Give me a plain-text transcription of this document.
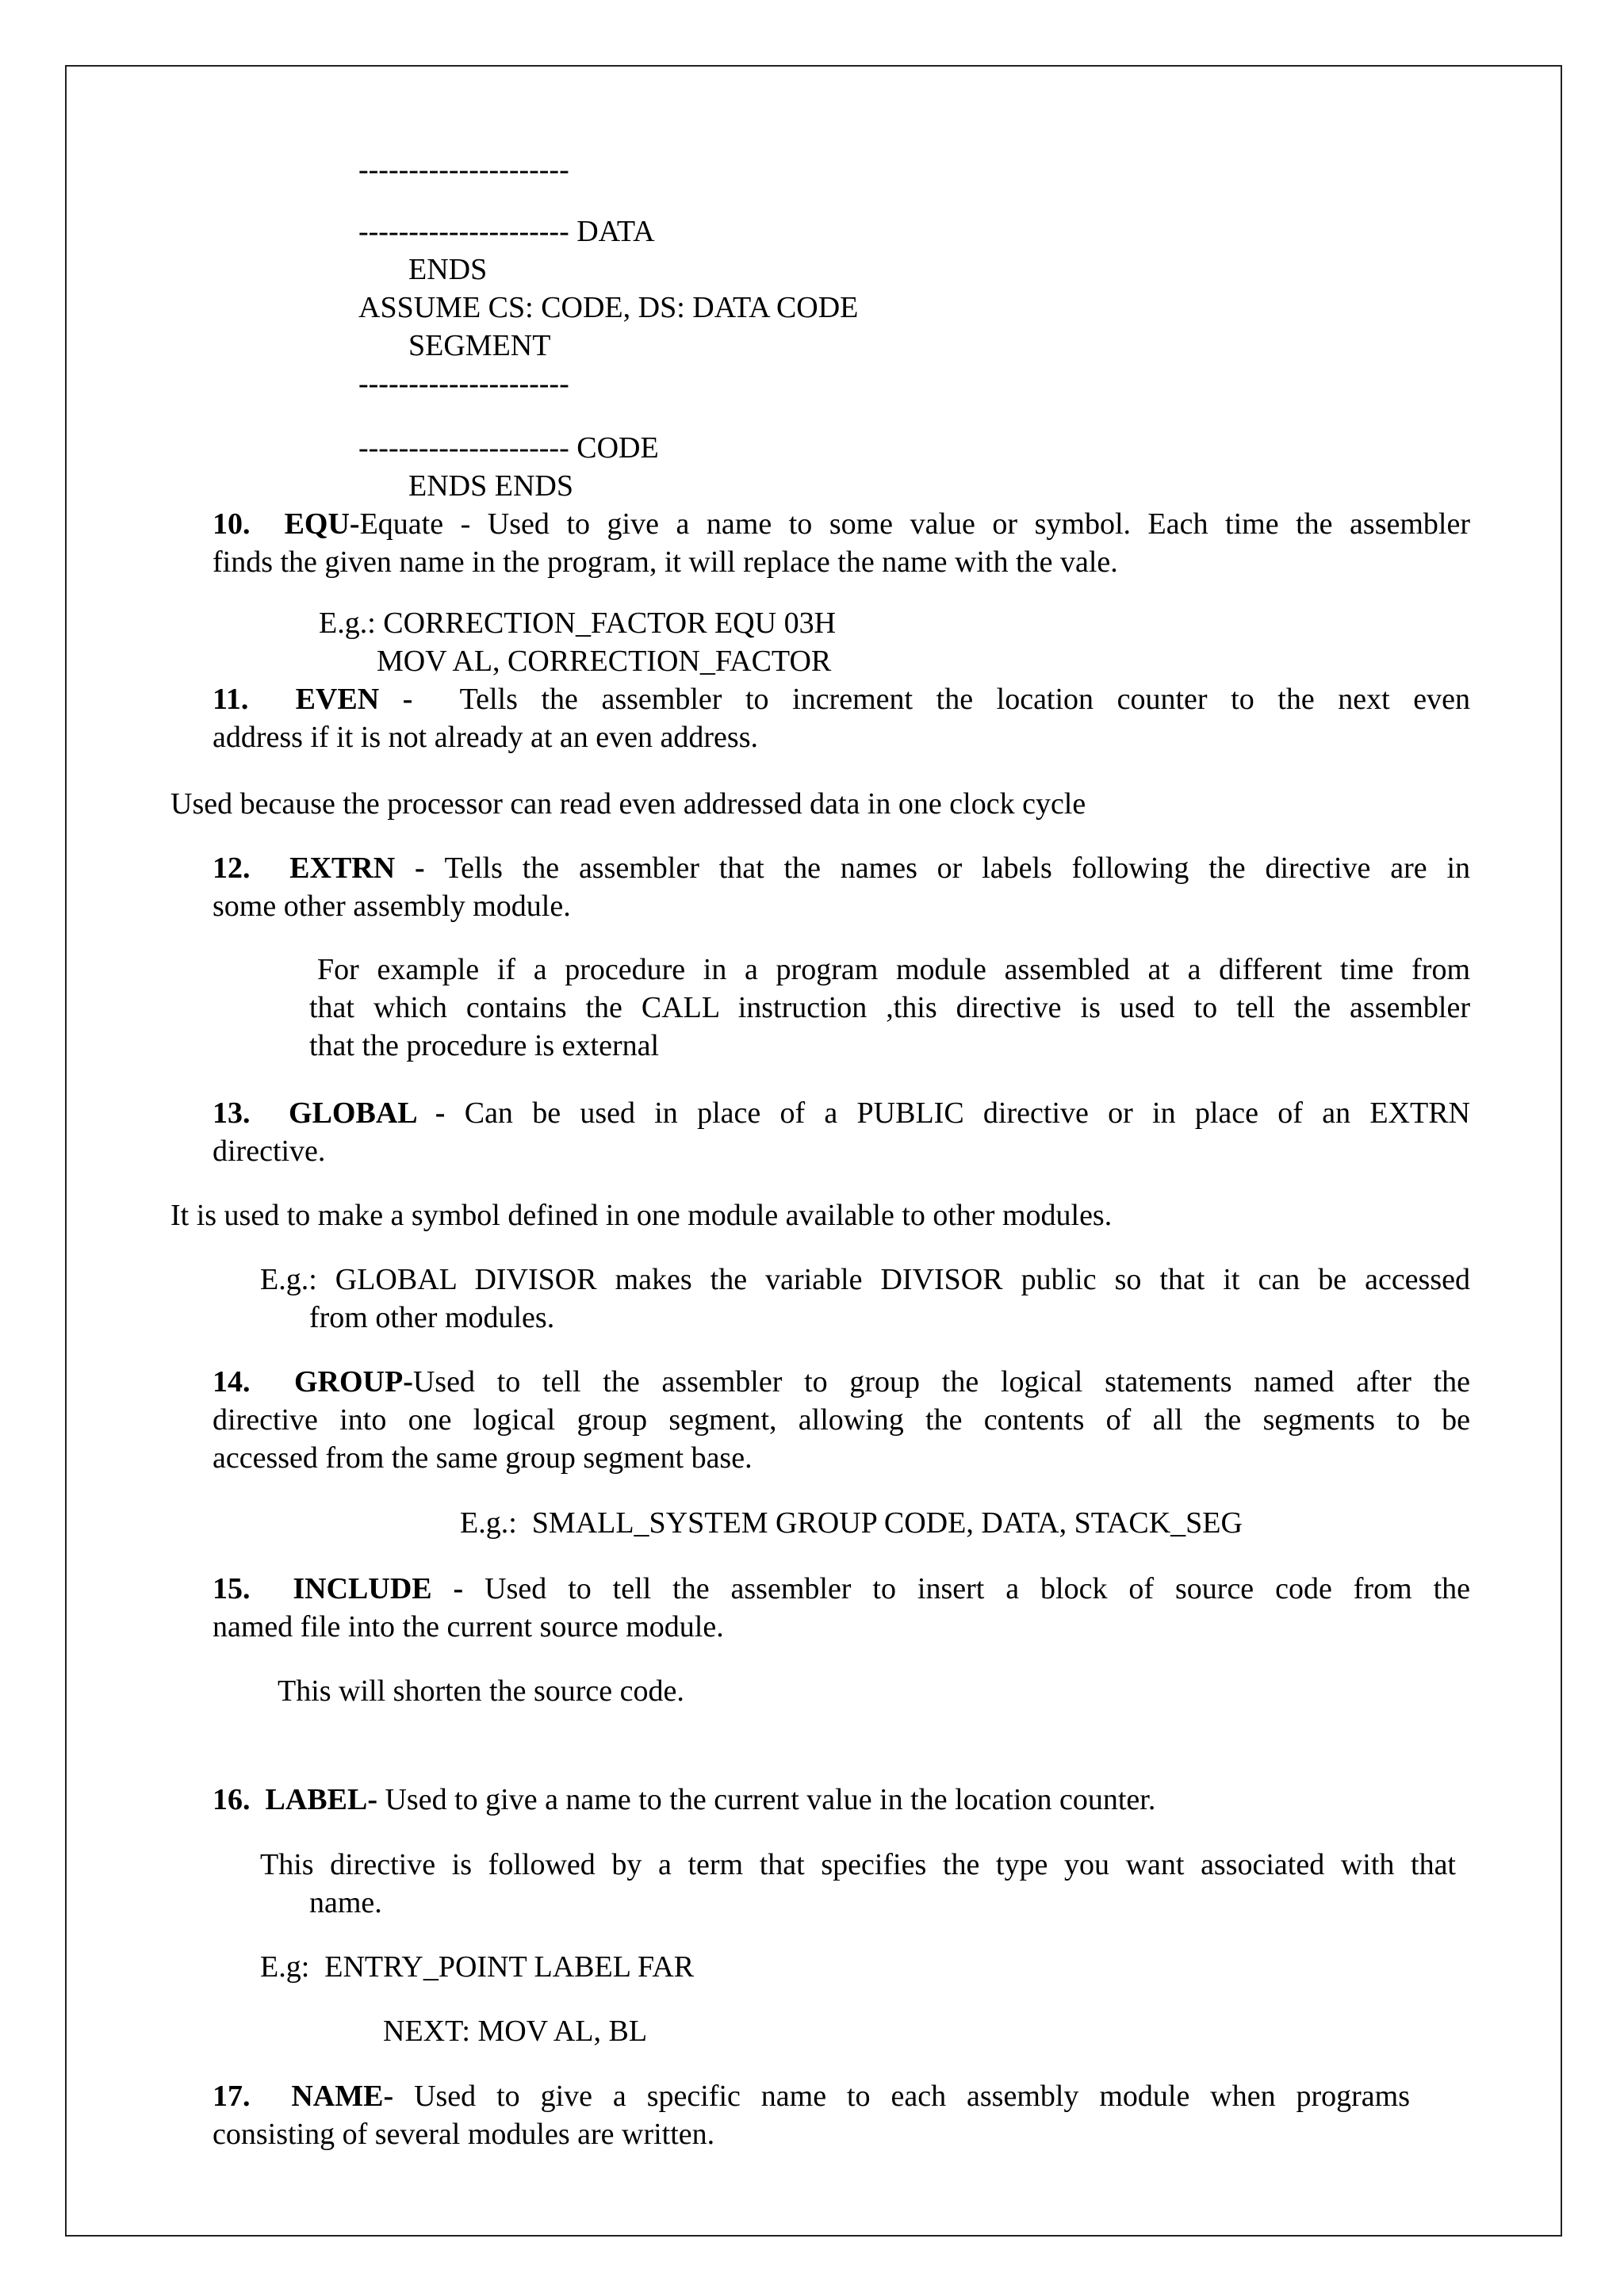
---------------------
--------------------- DATA
ENDS
ASSUME CS: CODE, DS: DATA CODE
SEGMENT
---------------------
--------------------- CODE
ENDS ENDS
10. EQU-Equate - Used to give a name to some value or symbol. Each time the assembler
finds the given name in the program, it will replace the name with the vale.
E.g.: CORRECTION_FACTOR EQU 03H
MOV AL, CORRECTION_FACTOR
11. EVEN - Tells the assembler to increment the location counter to the next even
address if it is not already at an even address.
Used because the processor can read even addressed data in one clock cycle
12. EXTRN - Tells the assembler that the names or labels following the directive are in
some other assembly module.
For example if a procedure in a program module assembled at a different time from
that which contains the CALL instruction ,this directive is used to tell the assembler
that the procedure is external
13. GLOBAL - Can be used in place of a PUBLIC directive or in place of an EXTRN
directive.
It is used to make a symbol defined in one module available to other modules.
E.g.: GLOBAL DIVISOR makes the variable DIVISOR public so that it can be accessed
from other modules.
14. GROUP-Used to tell the assembler to group the logical statements named after the
directive into one logical group segment, allowing the contents of all the segments to be
accessed from the same group segment base.
E.g.:  SMALL_SYSTEM GROUP CODE, DATA, STACK_SEG
15. INCLUDE - Used to tell the assembler to insert a block of source code from the
named file into the current source module.
This will shorten the source code.
16. LABEL- Used to give a name to the current value in the location counter.
This directive is followed by a term that specifies the type you want associated with that
name.
E.g:  ENTRY_POINT LABEL FAR
NEXT: MOV AL, BL
17. NAME- Used to give a specific name to each assembly module when programs
consisting of several modules are written.
